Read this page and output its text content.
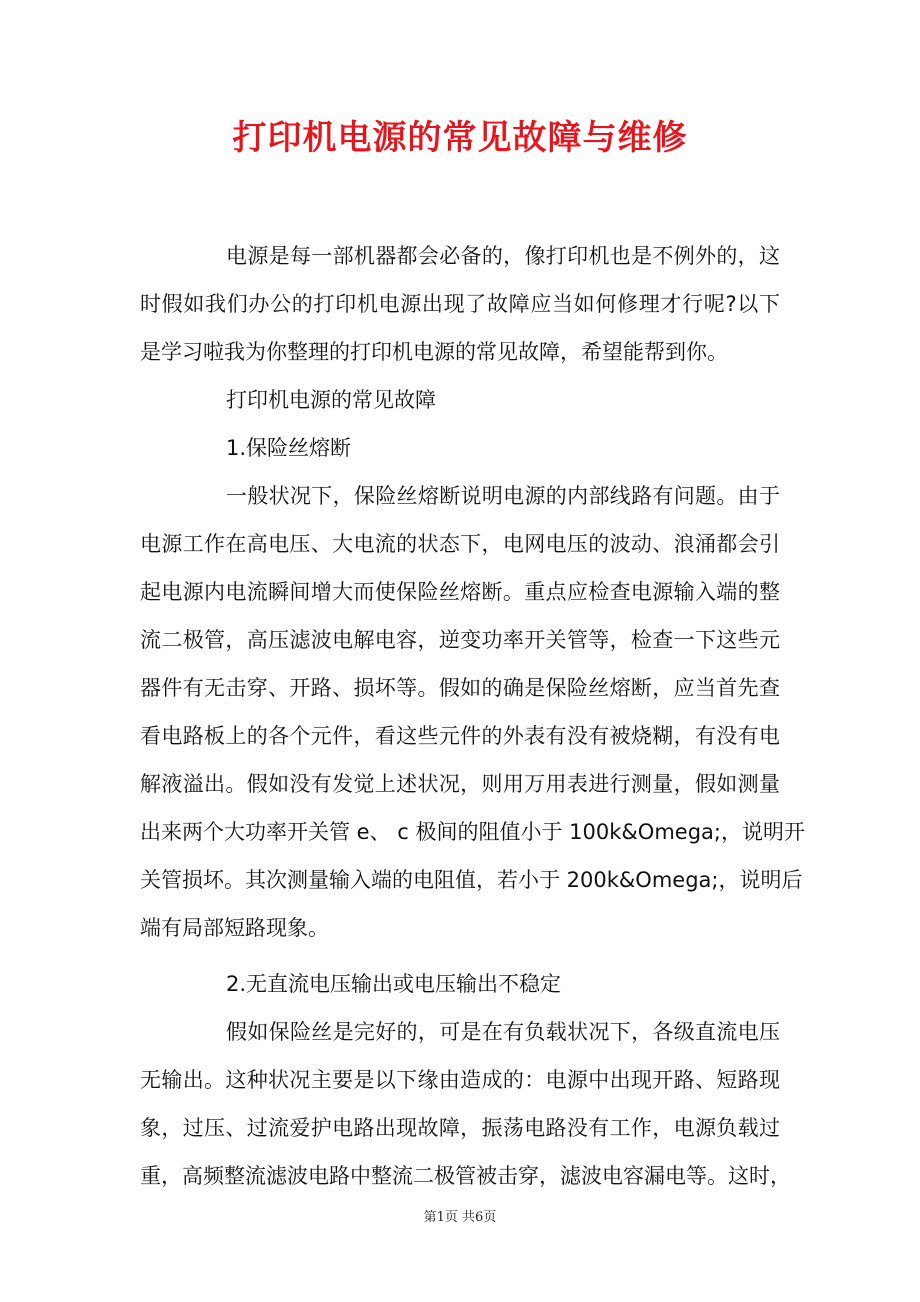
打印机电源的常见故障与维修
电源是每一部机器都会必备的，像打印机也是不例外的，这
时假如我们办公的打印机电源出现了故障应当如何修理才行呢?以下
是学习啦我为你整理的打印机电源的常见故障，希望能帮到你。
打印机电源的常见故障
1.保险丝熔断
一般状况下，保险丝熔断说明电源的内部线路有问题。由于
电源工作在高电压、大电流的状态下，电网电压的波动、浪涌都会引
起电源内电流瞬间增大而使保险丝熔断。重点应检查电源输入端的整
流二极管，高压滤波电解电容，逆变功率开关管等，检查一下这些元
器件有无击穿、开路、损坏等。假如的确是保险丝熔断，应当首先查
看电路板上的各个元件，看这些元件的外表有没有被烧糊，有没有电
解液溢出。假如没有发觉上述状况，则用万用表进行测量，假如测量
出来两个大功率开关管 e、 c 极间的阻值小于 100k&Omega;，说明开
关管损坏。其次测量输入端的电阻值，若小于 200k&Omega;，说明后
端有局部短路现象。
2.无直流电压输出或电压输出不稳定
假如保险丝是完好的，可是在有负载状况下，各级直流电压
无输出。这种状况主要是以下缘由造成的：电源中出现开路、短路现
象，过压、过流爱护电路出现故障，振荡电路没有工作，电源负载过
重，高频整流滤波电路中整流二极管被击穿，滤波电容漏电等。这时，
第1页 共6页
